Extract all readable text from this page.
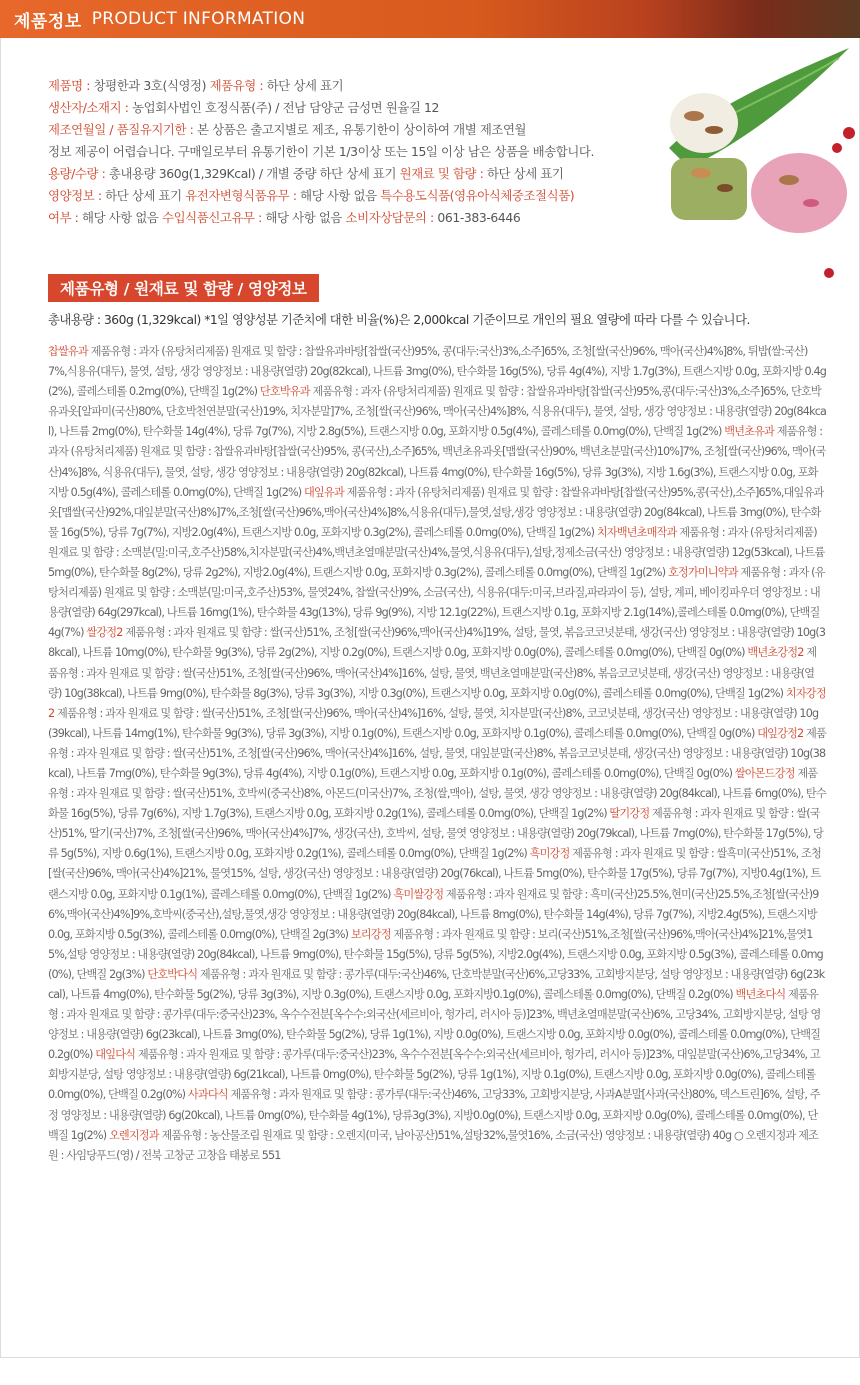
제품정보 PRODUCT INFORMATION
제품명 : 창평한과 3호(식영정) 제품유형 : 하단 상세 표기
생산자/소재지 : 농업회사법인 호정식품(주) / 전남 담양군 금성면 원율길 12
제조연월일 / 품질유지기한 : 본 상품은 출고지별로 제조, 유통기한이 상이하여 개별 제조연월
정보 제공이 어렵습니다. 구매일로부터 유통기한이 기본 1/3이상 또는 15일 이상 남은 상품을 배송합니다.
용량/수량 : 총내용량 360g(1,329Kcal) / 개별 중량 하단 상세 표기 원재료 및 함량 : 하단 상세 표기
영양정보 : 하단 상세 표기 유전자변형식품유무 : 해당 사항 없음 특수용도식품(영유아식체중조절식품)
여부 : 해당 사항 없음 수입식품신고유무 : 해당 사항 없음 소비자상담문의 : 061-383-6446
제품유형 / 원재료 및 함량 / 영양정보
총내용량 : 360g (1,329kcal) *1일 영양성분 기준치에 대한 비율(%)은 2,000kcal 기준이므로 개인의 필요 열량에 따라 다를 수 있습니다.
찹쌀유과 제품유형 : 과자 (유탕처리제품) 원재료 및 함량 : 찹쌀유과바탕[찹쌀(국산)95%, 콩(대두:국산)3%,소주]65%, 조청[쌀(국산)96%, 맥아(국산)4%]8%, 튀밥(쌀:국산)7%,식용유(대두), 물엿, 설탕, 생강 영양정보 : 내용량(열량) 20g(82kcal), 나트륨 3mg(0%), 탄수화물 16g(5%), 당류 4g(4%), 지방 1.7g(3%), 트랜스지방 0.0g, 포화지방 0.4g(2%), 콜레스테롤 0.2mg(0%), 단백질 1g(2%) 단호박유과 제품유형 : 과자 (유탕처리제품) 원재료 및 함량 : 찹쌀유과바탕[찹쌀(국산)95%,콩(대두:국산)3%,소주]65%, 단호박유과옷[알파미(국산)80%, 단호박천연분말(국산)19%, 치자분말]7%, 조청[쌀(국산)96%, 맥아(국산)4%]8%, 식용유(대두), 물엿, 설탕, 생강 영양정보 : 내용량(열량) 20g(84kcal), 나트륨 2mg(0%), 탄수화물 14g(4%), 당류 7g(7%), 지방 2.8g(5%), 트랜스지방 0.0g, 포화지방 0.5g(4%), 콜레스테롤 0.0mg(0%), 단백질 1g(2%) 백년초유과 제품유형 : 과자 (유탕처리제품) 원재료 및 함량 : 찹쌀유과바탕[찹쌀(국산)95%, 콩(국산),소주]65%, 백년초유과옷[맵쌀(국산)90%, 백년초분말(국산)10%]7%, 조청[쌀(국산)96%, 맥아(국산)4%]8%, 식용유(대두), 물엿, 설탕, 생강 영양정보 : 내용량(열량) 20g(82kcal), 나트륨 4mg(0%), 탄수화물 16g(5%), 당류 3g(3%), 지방 1.6g(3%), 트랜스지방 0.0g, 포화지방 0.5g(4%), 콜레스테롤 0.0mg(0%), 단백질 1g(2%) 대잎유과 제품유형 : 과자 (유탕처리제품) 원재료 및 함량 : 찹쌀유과바탕[찹쌀(국산)95%,콩(국산),소주]65%,대잎유과옷[맵쌀(국산)92%,대잎분말(국산)8%]7%,조청[쌀(국산)96%,맥아(국산)4%]8%,식용유(대두),물엿,설탕,생강 영양정보 : 내용량(열량) 20g(84kcal), 나트륨 3mg(0%), 탄수화물 16g(5%), 당류 7g(7%), 지방2.0g(4%), 트랜스지방 0.0g, 포화지방 0.3g(2%), 콜레스테롤 0.0mg(0%), 단백질 1g(2%) 치자백년초매작과 제품유형 : 과자 (유탕처리제품) 원재료 및 함량 : 소맥분(밀:미국,호주산)58%,치자분말(국산)4%,백년초열매분말(국산)4%,물엿,식용유(대두),설탕,정제소금(국산) 영양정보 : 내용량(열량) 12g(53kcal), 나트륨 5mg(0%), 탄수화물 8g(2%), 당류 2g2%), 지방2.0g(4%), 트랜스지방 0.0g, 포화지방 0.3g(2%), 콜레스테롤 0.0mg(0%), 단백질 1g(2%) 호정가미니약과 제품유형 : 과자 (유탕처리제품) 원재료 및 함량 : 소맥분(밀:미국,호주산)53%, 물엿24%, 찹쌀(국산)9%, 소금(국산), 식용유(대두:미국,브라질,파라과이 등), 설탕, 계피, 베이킹파우더 영양정보 : 내용량(열량) 64g(297kcal), 나트륨 16mg(1%), 탄수화물 43g(13%), 당류 9g(9%), 지방 12.1g(22%), 트랜스지방 0.1g, 포화지방 2.1g(14%),콜레스테롤 0.0mg(0%), 단백질 4g(7%) 쌀강정2 제품유형 : 과자 원재료 및 함량 : 쌀(국산)51%, 조청[쌀(국산)96%,맥아(국산)4%]19%, 설탕, 물엿, 볶음코코넛분태, 생강(국산) 영양정보 : 내용량(열량) 10g(38kcal), 나트륨 10mg(0%), 탄수화물 9g(3%), 당류 2g(2%), 지방 0.2g(0%), 트랜스지방 0.0g, 포화지방 0.0g(0%), 콜레스테롤 0.0mg(0%), 단백질 0g(0%) 백년초강정2 제품유형 : 과자 원재료 및 함량 : 쌀(국산)51%, 조청[쌀(국산)96%, 맥아(국산)4%]16%, 설탕, 물엿, 백년초열매분말(국산)8%, 볶음코코넛분태, 생강(국산) 영양정보 : 내용량(열량) 10g(38kcal), 나트륨 9mg(0%), 탄수화물 8g(3%), 당류 3g(3%), 지방 0.3g(0%), 트랜스지방 0.0g, 포화지방 0.0g(0%), 콜레스테롤 0.0mg(0%), 단백질 1g(2%) 치자강정2 제품유형 : 과자 원재료 및 함량 : 쌀(국산)51%, 조청[쌀(국산)96%, 맥아(국산)4%]16%, 설탕, 물엿, 치자분말(국산)8%, 코코넛분태, 생강(국산) 영양정보 : 내용량(열량) 10g(39kcal), 나트륨 14mg(1%), 탄수화물 9g(3%), 당류 3g(3%), 지방 0.1g(0%), 트랜스지방 0.0g, 포화지방 0.1g(0%), 콜레스테롤 0.0mg(0%), 단백질 0g(0%) 대잎강정2 제품유형 : 과자 원재료 및 함량 : 쌀(국산)51%, 조청[쌀(국산)96%, 맥아(국산)4%]16%, 설탕, 물엿, 대잎분말(국산)8%, 볶음코코넛분태, 생강(국산) 영양정보 : 내용량(열량) 10g(38kcal), 나트륨 7mg(0%), 탄수화물 9g(3%), 당류 4g(4%), 지방 0.1g(0%), 트랜스지방 0.0g, 포화지방 0.1g(0%), 콜레스테롤 0.0mg(0%), 단백질 0g(0%) 쌀아몬드강정 제품유형 : 과자 원재료 및 함량 : 쌀(국산)51%, 호박씨(중국산)8%, 아몬드(미국산)7%, 조청(쌀,맥아), 설탕, 물엿, 생강 영양정보 : 내용량(열량) 20g(84kcal), 나트륨 6mg(0%), 탄수화물 16g(5%), 당류 7g(6%), 지방 1.7g(3%), 트랜스지방 0.0g, 포화지방 0.2g(1%), 콜레스테롤 0.0mg(0%), 단백질 1g(2%) 딸기강정 제품유형 : 과자 원재료 및 함량 : 쌀(국산)51%, 딸기(국산)7%, 조청[쌀(국산)96%, 맥아(국산)4%]7%, 생강(국산), 호박씨, 설탕, 물엿 영양정보 : 내용량(열량) 20g(79kcal), 나트륨 7mg(0%), 탄수화물 17g(5%), 당류 5g(5%), 지방 0.6g(1%), 트랜스지방 0.0g, 포화지방 0.2g(1%), 콜레스테롤 0.0mg(0%), 단백질 1g(2%) 흑미강정 제품유형 : 과자 원재료 및 함량 : 쌀흑미(국산)51%, 조청[쌀(국산)96%, 맥아(국산)4%]21%, 물엿15%, 설탕, 생강(국산) 영양정보 : 내용량(열량) 20g(76kcal), 나트륨 5mg(0%), 탄수화물 17g(5%), 당류 7g(7%), 지방0.4g(1%), 트랜스지방 0.0g, 포화지방 0.1g(1%), 콜레스테롤 0.0mg(0%), 단백질 1g(2%) 흑미쌀강정 제품유형 : 과자 원재료 및 함량 : 흑미(국산)25.5%,현미(국산)25.5%,조청[쌀(국산)96%,맥아(국산)4%]9%,호박씨(중국산),설탕,물엿,생강 영양정보 : 내용량(열량) 20g(84kcal), 나트륨 8mg(0%), 탄수화물 14g(4%), 당류 7g(7%), 지방2.4g(5%), 트랜스지방 0.0g, 포화지방 0.5g(3%), 콜레스테롤 0.0mg(0%), 단백질 2g(3%) 보리강정 제품유형 : 과자 원재료 및 함량 : 보리(국산)51%,조청[쌀(국산)96%,맥아(국산)4%]21%,물엿15%,설탕 영양정보 : 내용량(열량) 20g(84kcal), 나트륨 9mg(0%), 탄수화물 15g(5%), 당류 5g(5%), 지방2.0g(4%), 트랜스지방 0.0g, 포화지방 0.5g(3%), 콜레스테롤 0.0mg(0%), 단백질 2g(3%) 단호박다식 제품유형 : 과자 원재료 및 함량 : 콩가루(대두:국산)46%, 단호박분말(국산)6%,고당33%, 고회방지분당, 설탕 영양정보 : 내용량(열량) 6g(23kcal), 나트륨 4mg(0%), 탄수화물 5g(2%), 당류 3g(3%), 지방 0.3g(0%), 트랜스지방 0.0g, 포화지방0.1g(0%), 콜레스테롤 0.0mg(0%), 단백질 0.2g(0%) 백년초다식 제품유형 : 과자 원재료 및 함량 : 콩가루(대두:중국산)23%, 옥수수전분[옥수수:외국산(세르비아, 헝가리, 러시아 등)]23%, 백년초열매분말(국산)6%, 고당34%, 고회방지분당, 설탕 영양정보 : 내용량(열량) 6g(23kcal), 나트륨 3mg(0%), 탄수화물 5g(2%), 당류 1g(1%), 지방 0.0g(0%), 트랜스지방 0.0g, 포화지방 0.0g(0%), 콜레스테롤 0.0mg(0%), 단백질 0.2g(0%) 대잎다식 제품유형 : 과자 원재료 및 함량 : 콩가루(대두:중국산)23%, 옥수수전분[옥수수:외국산(세르비아, 헝가리, 러시아 등)]23%, 대잎분말(국산)6%,고당34%, 고회방지분당, 설탕 영양정보 : 내용량(열량) 6g(21kcal), 나트륨 0mg(0%), 탄수화물 5g(2%), 당류 1g(1%), 지방 0.1g(0%), 트랜스지방 0.0g, 포화지방 0.0g(0%), 콜레스테롤 0.0mg(0%), 단백질 0.2g(0%) 사과다식 제품유형 : 과자 원재료 및 함량 : 콩가루(대두:국산)46%, 고당33%, 고회방지분당, 사과A분말[사과(국산)80%, 덱스트린]6%, 설탕, 주정 영양정보 : 내용량(열량) 6g(20kcal), 나트륨 0mg(0%), 탄수화물 4g(1%), 당류3g(3%), 지방0.0g(0%), 트랜스지방 0.0g, 포화지방 0.0g(0%), 콜레스테롤 0.0mg(0%), 단백질 1g(2%) 오렌지정과 제품유형 : 농산물조림 원재료 및 함량 : 오렌지(미국, 남아공산)51%,설탕32%,물엿16%, 소금(국산) 영양정보 : 내용량(열량) 40g ○ 오렌지정과 제조원 : 사임당푸드(영) / 전북 고창군 고창읍 태봉로 551
